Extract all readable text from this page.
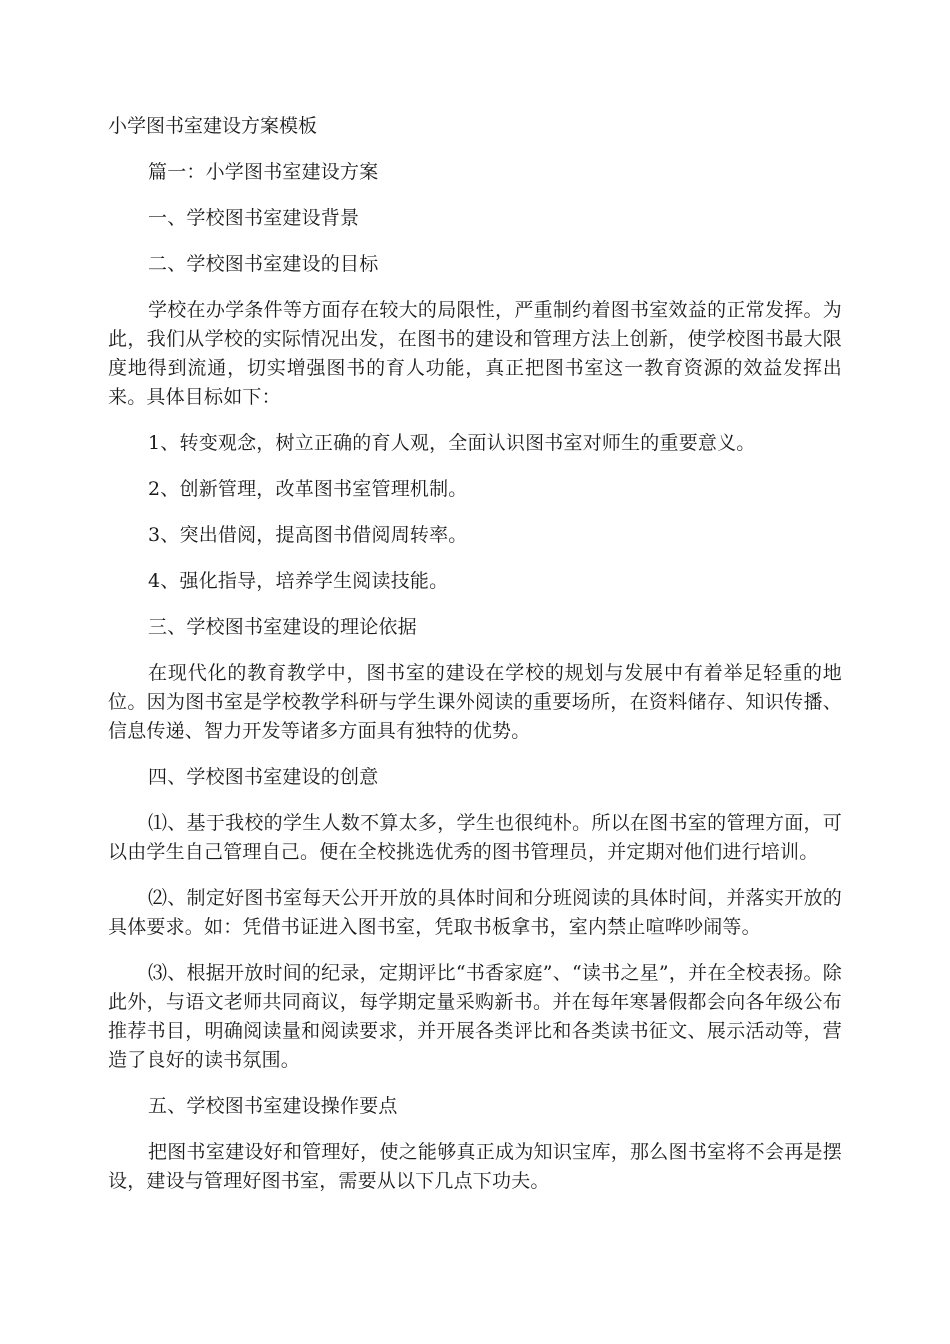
小学图书室建设方案模板

篇一：小学图书室建设方案

一、学校图书室建设背景

二、学校图书室建设的目标

学校在办学条件等方面存在较大的局限性，严重制约着图书室效益的正常发挥。为此，我们从学校的实际情况出发，在图书的建设和管理方法上创新，使学校图书最大限度地得到流通，切实增强图书的育人功能，真正把图书室这一教育资源的效益发挥出来。具体目标如下：

1、转变观念，树立正确的育人观，全面认识图书室对师生的重要意义。

2、创新管理，改革图书室管理机制。

3、突出借阅，提高图书借阅周转率。

4、强化指导，培养学生阅读技能。

三、学校图书室建设的理论依据

在现代化的教育教学中，图书室的建设在学校的规划与发展中有着举足轻重的地位。因为图书室是学校教学科研与学生课外阅读的重要场所，在资料储存、知识传播、信息传递、智力开发等诸多方面具有独特的优势。

四、学校图书室建设的创意

⑴、基于我校的学生人数不算太多，学生也很纯朴。所以在图书室的管理方面，可以由学生自己管理自己。便在全校挑选优秀的图书管理员，并定期对他们进行培训。

⑵、制定好图书室每天公开开放的具体时间和分班阅读的具体时间，并落实开放的具体要求。如：凭借书证进入图书室，凭取书板拿书，室内禁止喧哗吵闹等。

⑶、根据开放时间的纪录，定期评比“书香家庭”、“读书之星”，并在全校表扬。除此外，与语文老师共同商议，每学期定量采购新书。并在每年寒暑假都会向各年级公布推荐书目，明确阅读量和阅读要求，并开展各类评比和各类读书征文、展示活动等，营造了良好的读书氛围。

五、学校图书室建设操作要点

把图书室建设好和管理好，使之能够真正成为知识宝库，那么图书室将不会再是摆设，建设与管理好图书室，需要从以下几点下功夫。
